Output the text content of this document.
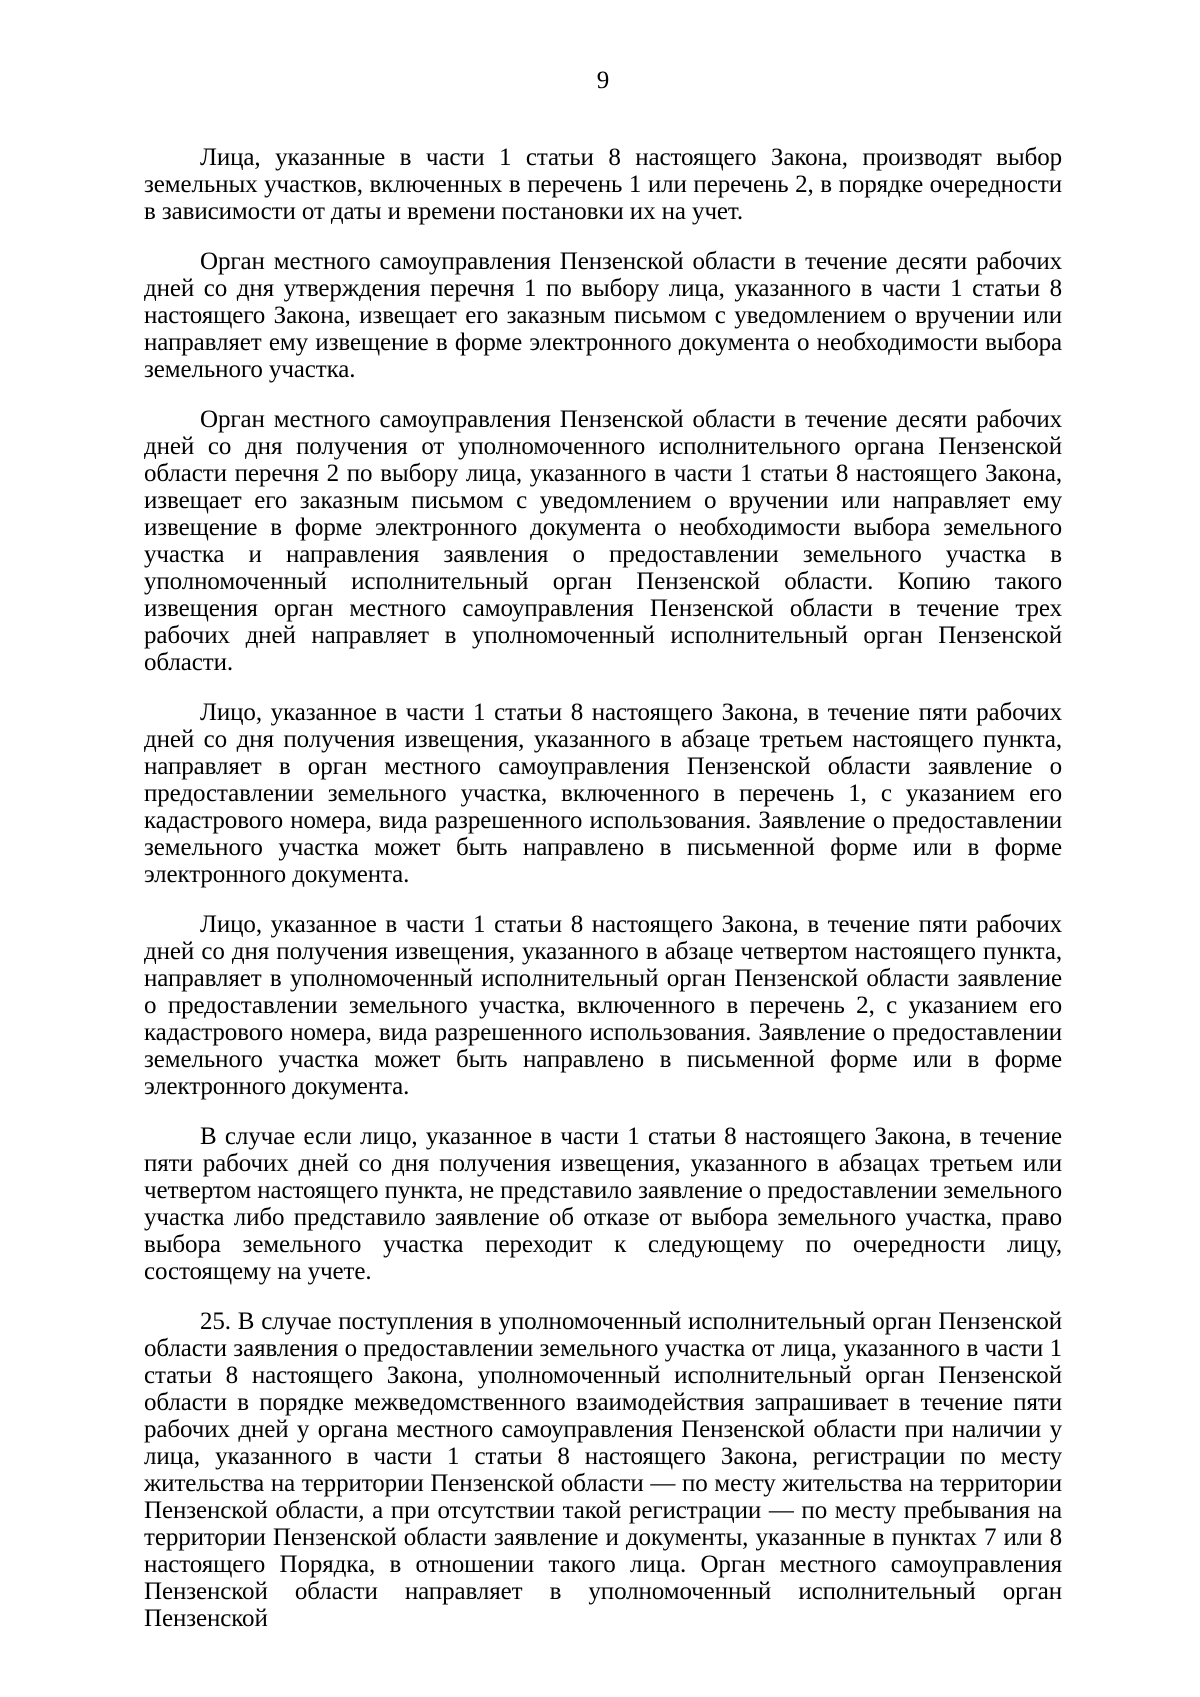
9

Лица, указанные в части 1 статьи 8 настоящего Закона, производят выбор земельных участков, включенных в перечень 1 или перечень 2, в порядке очередности в зависимости от даты и времени постановки их на учет.

Орган местного самоуправления Пензенской области в течение десяти рабочих дней со дня утверждения перечня 1 по выбору лица, указанного в части 1 статьи 8 настоящего Закона, извещает его заказным письмом с уведомлением о вручении или направляет ему извещение в форме электронного документа о необходимости выбора земельного участка.

Орган местного самоуправления Пензенской области в течение десяти рабочих дней со дня получения от уполномоченного исполнительного органа Пензенской области перечня 2 по выбору лица, указанного в части 1 статьи 8 настоящего Закона, извещает его заказным письмом с уведомлением о вручении или направляет ему извещение в форме электронного документа о необходимости выбора земельного участка и направления заявления о предоставлении земельного участка в уполномоченный исполнительный орган Пензенской области. Копию такого извещения орган местного самоуправления Пензенской области в течение трех рабочих дней направляет в уполномоченный исполнительный орган Пензенской области.

Лицо, указанное в части 1 статьи 8 настоящего Закона, в течение пяти рабочих дней со дня получения извещения, указанного в абзаце третьем настоящего пункта, направляет в орган местного самоуправления Пензенской области заявление о предоставлении земельного участка, включенного в перечень 1, с указанием его кадастрового номера, вида разрешенного использования. Заявление о предоставлении земельного участка может быть направлено в письменной форме или в форме электронного документа.

Лицо, указанное в части 1 статьи 8 настоящего Закона, в течение пяти рабочих дней со дня получения извещения, указанного в абзаце четвертом настоящего пункта, направляет в уполномоченный исполнительный орган Пензенской области заявление о предоставлении земельного участка, включенного в перечень 2, с указанием его кадастрового номера, вида разрешенного использования. Заявление о предоставлении земельного участка может быть направлено в письменной форме или в форме электронного документа.

В случае если лицо, указанное в части 1 статьи 8 настоящего Закона, в течение пяти рабочих дней со дня получения извещения, указанного в абзацах третьем или четвертом настоящего пункта, не представило заявление о предоставлении земельного участка либо представило заявление об отказе от выбора земельного участка, право выбора земельного участка переходит к следующему по очередности лицу, состоящему на учете.

25. В случае поступления в уполномоченный исполнительный орган Пензенской области заявления о предоставлении земельного участка от лица, указанного в части 1 статьи 8 настоящего Закона, уполномоченный исполнительный орган Пензенской области в порядке межведомственного взаимодействия запрашивает в течение пяти рабочих дней у органа местного самоуправления Пензенской области при наличии у лица, указанного в части 1 статьи 8 настоящего Закона, регистрации по месту жительства на территории Пензенской области — по месту жительства на территории Пензенской области, а при отсутствии такой регистрации — по месту пребывания на территории Пензенской области заявление и документы, указанные в пунктах 7 или 8 настоящего Порядка, в отношении такого лица. Орган местного самоуправления Пензенской области направляет в уполномоченный исполнительный орган Пензенской
